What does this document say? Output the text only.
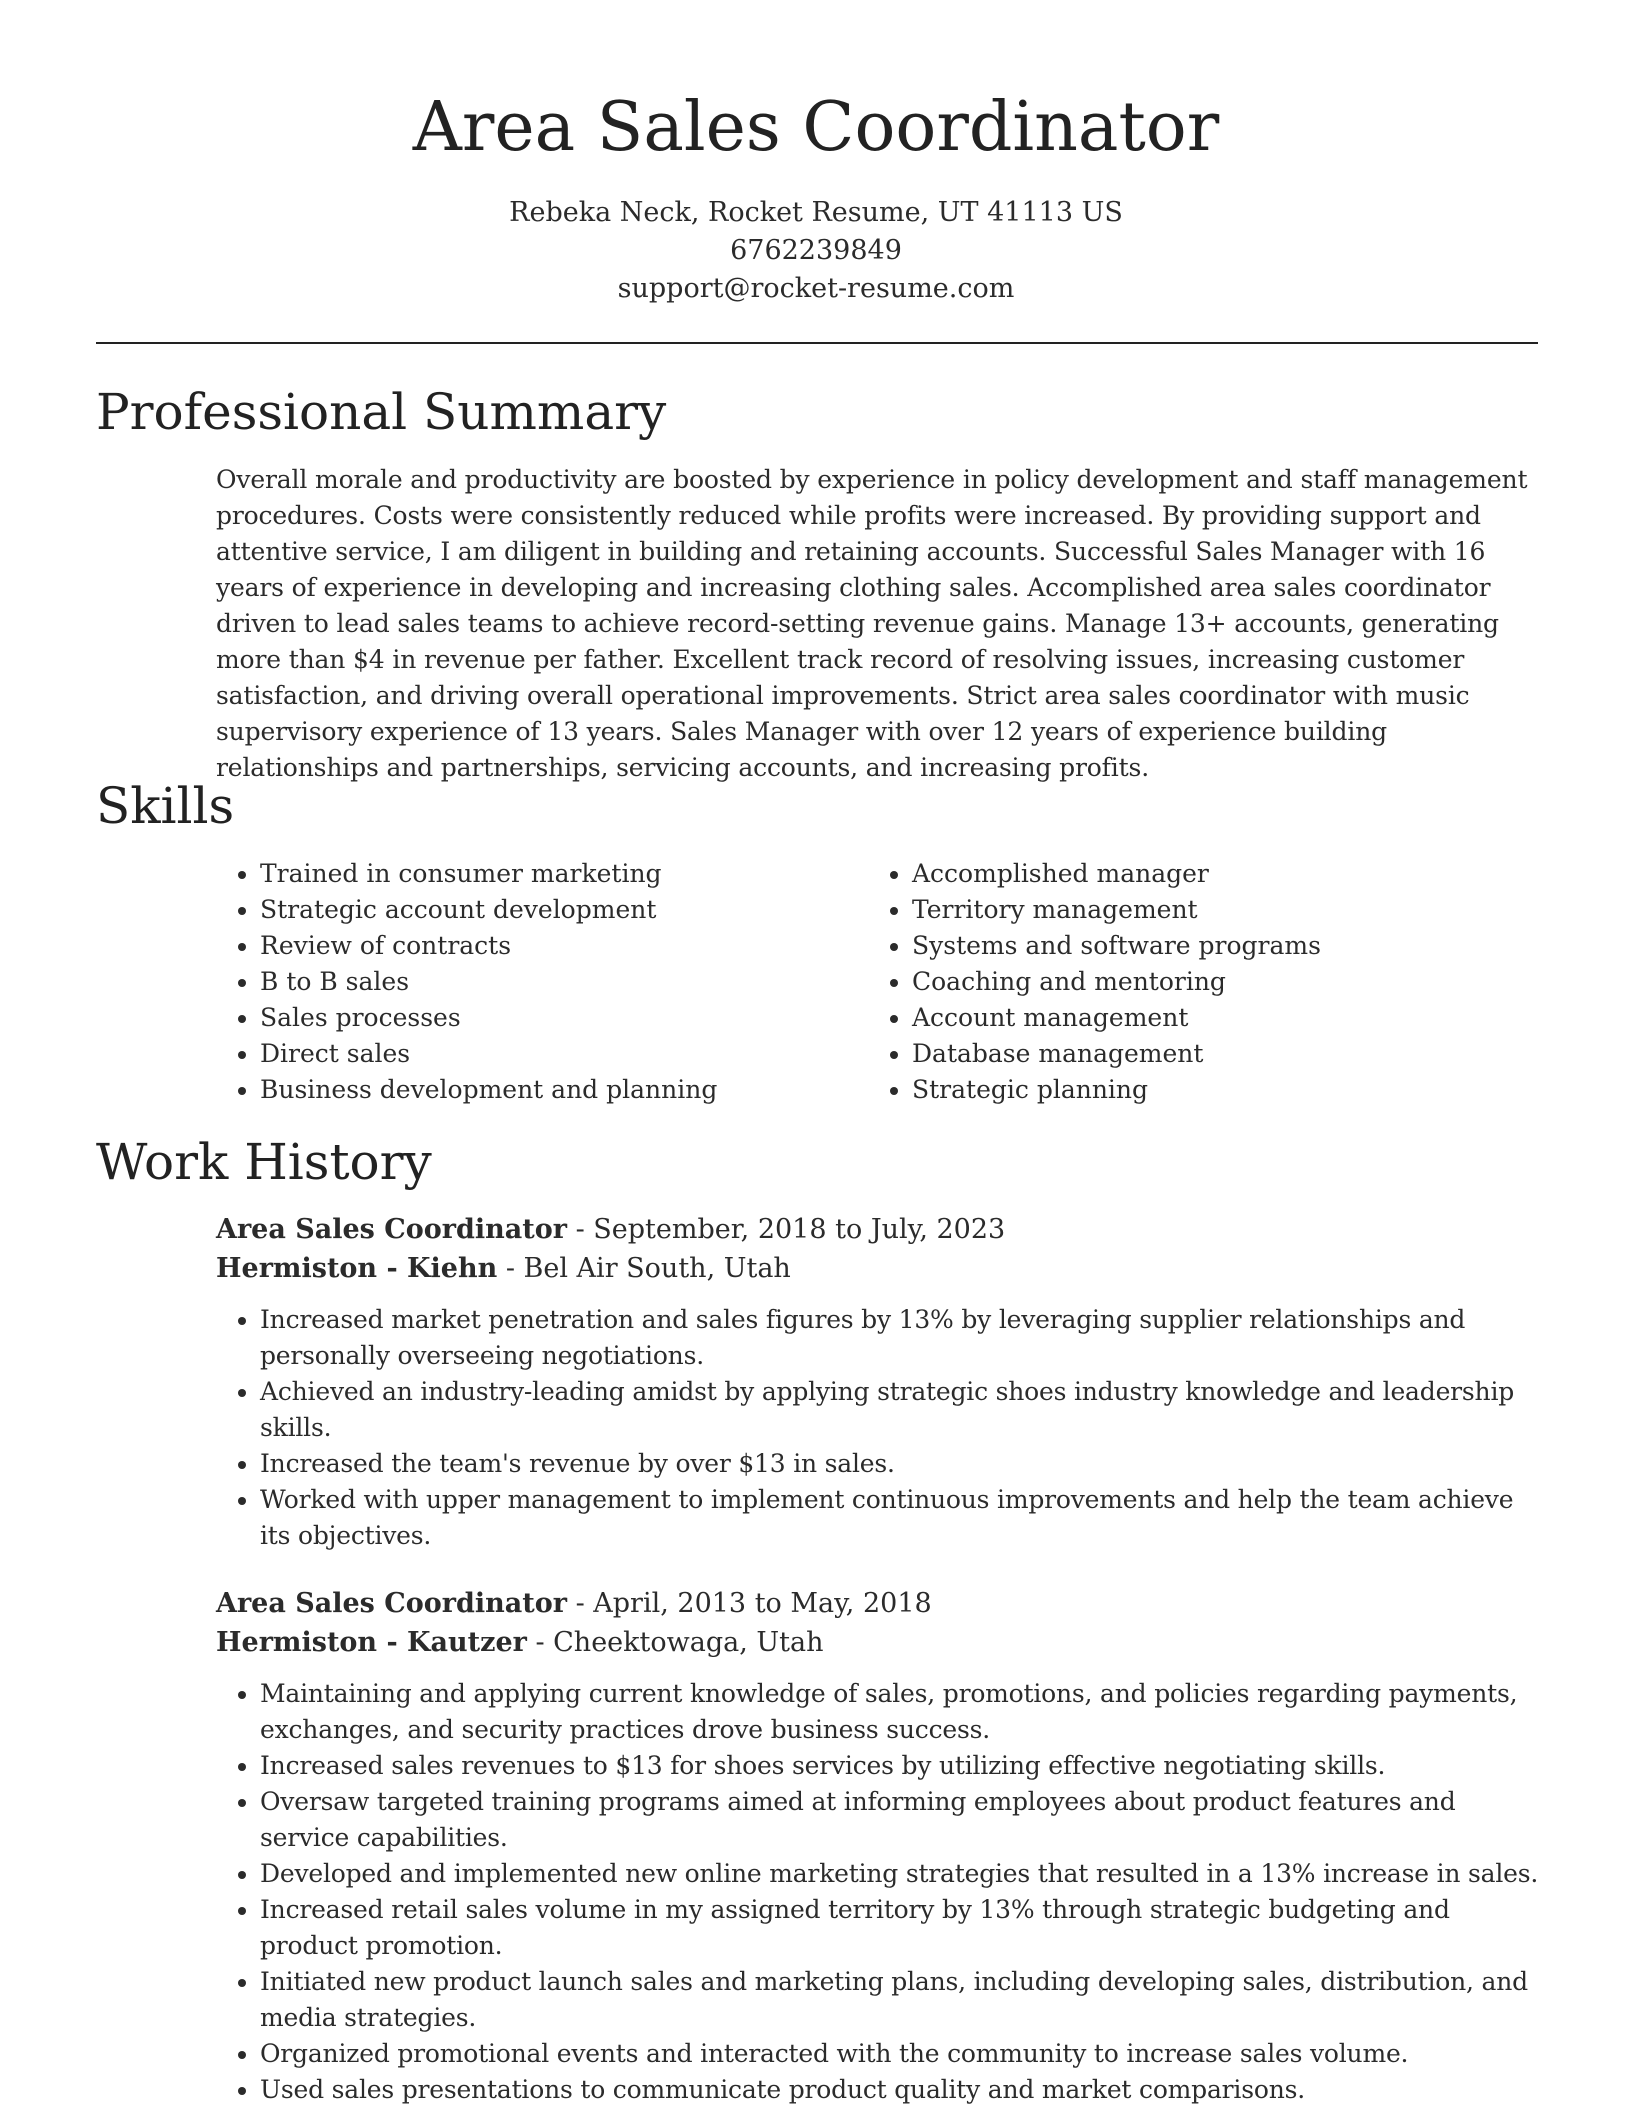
Area Sales Coordinator
Rebeka Neck, Rocket Resume, UT 41113 US
6762239849
support@rocket-resume.com
Professional Summary
Overall morale and productivity are boosted by experience in policy development and staff management procedures. Costs were consistently reduced while profits were increased. By providing support and attentive service, I am diligent in building and retaining accounts. Successful Sales Manager with 16 years of experience in developing and increasing clothing sales. Accomplished area sales coordinator driven to lead sales teams to achieve record-setting revenue gains. Manage 13+ accounts, generating more than $4 in revenue per father. Excellent track record of resolving issues, increasing customer satisfaction, and driving overall operational improvements. Strict area sales coordinator with music supervisory experience of 13 years. Sales Manager with over 12 years of experience building relationships and partnerships, servicing accounts, and increasing profits.
Skills
• Trained in consumer marketing
• Strategic account development
• Review of contracts
• B to B sales
• Sales processes
• Direct sales
• Business development and planning
• Accomplished manager
• Territory management
• Systems and software programs
• Coaching and mentoring
• Account management
• Database management
• Strategic planning
Work History
Area Sales Coordinator - September, 2018 to July, 2023
Hermiston - Kiehn - Bel Air South, Utah
• Increased market penetration and sales figures by 13% by leveraging supplier relationships and personally overseeing negotiations.
• Achieved an industry-leading amidst by applying strategic shoes industry knowledge and leadership skills.
• Increased the team's revenue by over $13 in sales.
• Worked with upper management to implement continuous improvements and help the team achieve its objectives.
Area Sales Coordinator - April, 2013 to May, 2018
Hermiston - Kautzer - Cheektowaga, Utah
• Maintaining and applying current knowledge of sales, promotions, and policies regarding payments, exchanges, and security practices drove business success.
• Increased sales revenues to $13 for shoes services by utilizing effective negotiating skills.
• Oversaw targeted training programs aimed at informing employees about product features and service capabilities.
• Developed and implemented new online marketing strategies that resulted in a 13% increase in sales.
• Increased retail sales volume in my assigned territory by 13% through strategic budgeting and product promotion.
• Initiated new product launch sales and marketing plans, including developing sales, distribution, and media strategies.
• Organized promotional events and interacted with the community to increase sales volume.
• Used sales presentations to communicate product quality and market comparisons.
